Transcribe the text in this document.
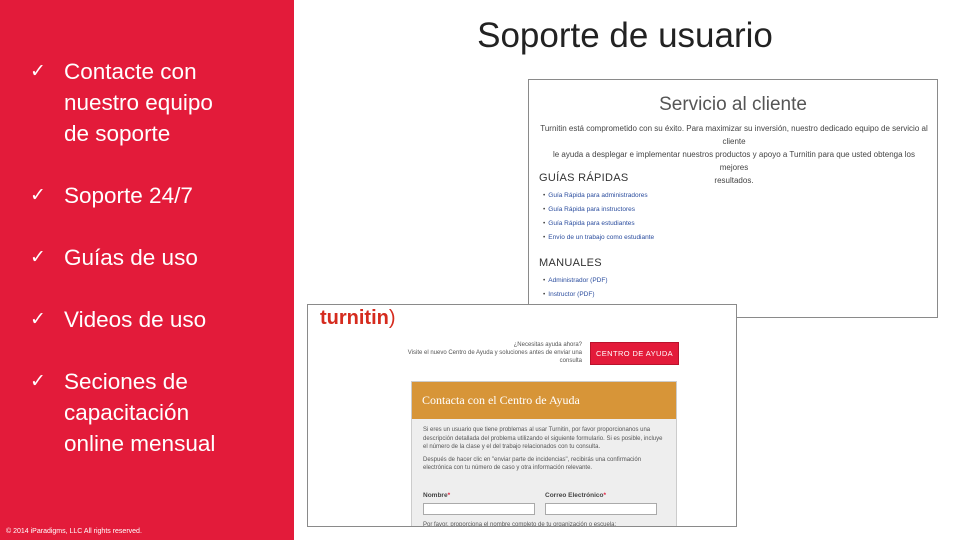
✓ Contacte con
nuestro equipo
de soporte
✓ Soporte 24/7
✓ Guías de uso
✓ Videos de uso
✓ Seciones de
capacitación
online mensual
© 2014 iParadigms, LLC All rights reserved.
Soporte de usuario
Servicio al cliente
Turnitin está comprometido con su éxito. Para maximizar su inversión, nuestro dedicado equipo de servicio al cliente
le ayuda a desplegar e implementar nuestros productos y apoyo a Turnitin para que usted obtenga los mejores
resultados.
GUÍAS RÁPIDAS
• Guía Rápida para administradores
• Guía Rápida para instructores
• Guía Rápida para estudiantes
• Envío de un trabajo como estudiante
MANUALES
• Administrador (PDF)
• Instructor (PDF)
•
turnitin)
¿Necesitas ayuda ahora?
Visite el nuevo Centro de Ayuda y soluciones antes de enviar una
consulta
CENTRO DE AYUDA
Contacta con el Centro de Ayuda
Si eres un usuario que tiene problemas al usar Turnitin, por favor proporcionanos una descripción detallada del problema utilizando el siguiente formulario. Si es posible, incluye el número de la clase y el del trabajo relacionados con tu consulta.
Después de hacer clic en "enviar parte de incidencias", recibirás una confirmación electrónica con tu número de caso y otra información relevante.
Nombre*	Correo Electrónico*
Por favor, proporciona el nombre completo de tu organización o escuela:
